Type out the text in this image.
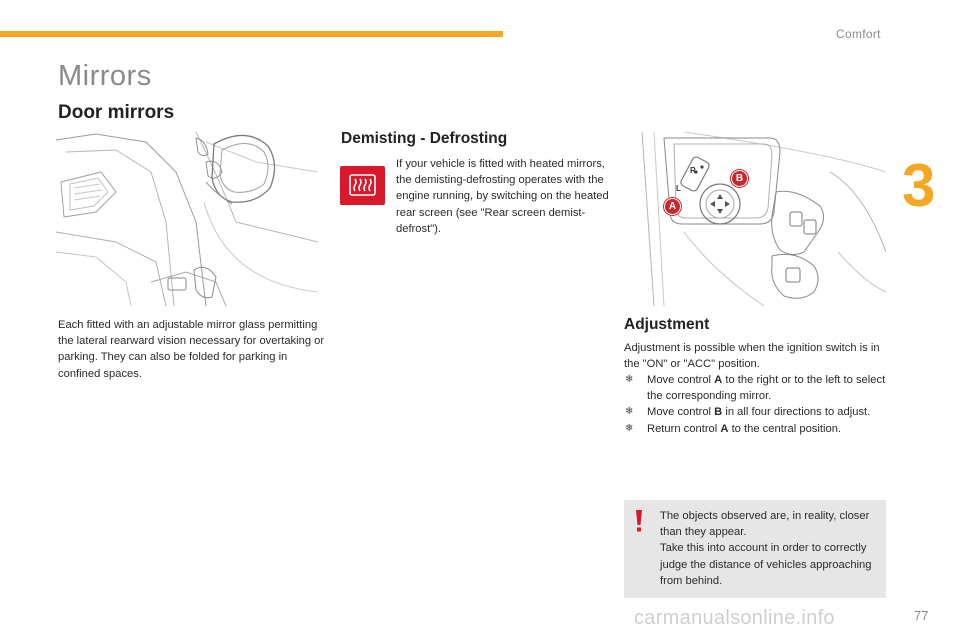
Comfort
3
Mirrors
Door mirrors
Each fitted with an adjustable mirror glass permitting the lateral rearward vision necessary for overtaking or parking. They can also be folded for parking in confined spaces.
Demisting - Defrosting
If your vehicle is fitted with heated mirrors, the demisting-defrosting operates with the engine running, by switching on the heated rear screen (see "Rear screen demist-defrost").
L
R
B
A
Adjustment
Adjustment is possible when the ignition switch is in the "ON" or "ACC" position.
❄ Move control A to the right or to the left to select the corresponding mirror.
❄ Move control B in all four directions to adjust.
❄ Return control A to the central position.
The objects observed are, in reality, closer than they appear.
Take this into account in order to correctly judge the distance of vehicles approaching from behind.
carmanualsonline.info	77
